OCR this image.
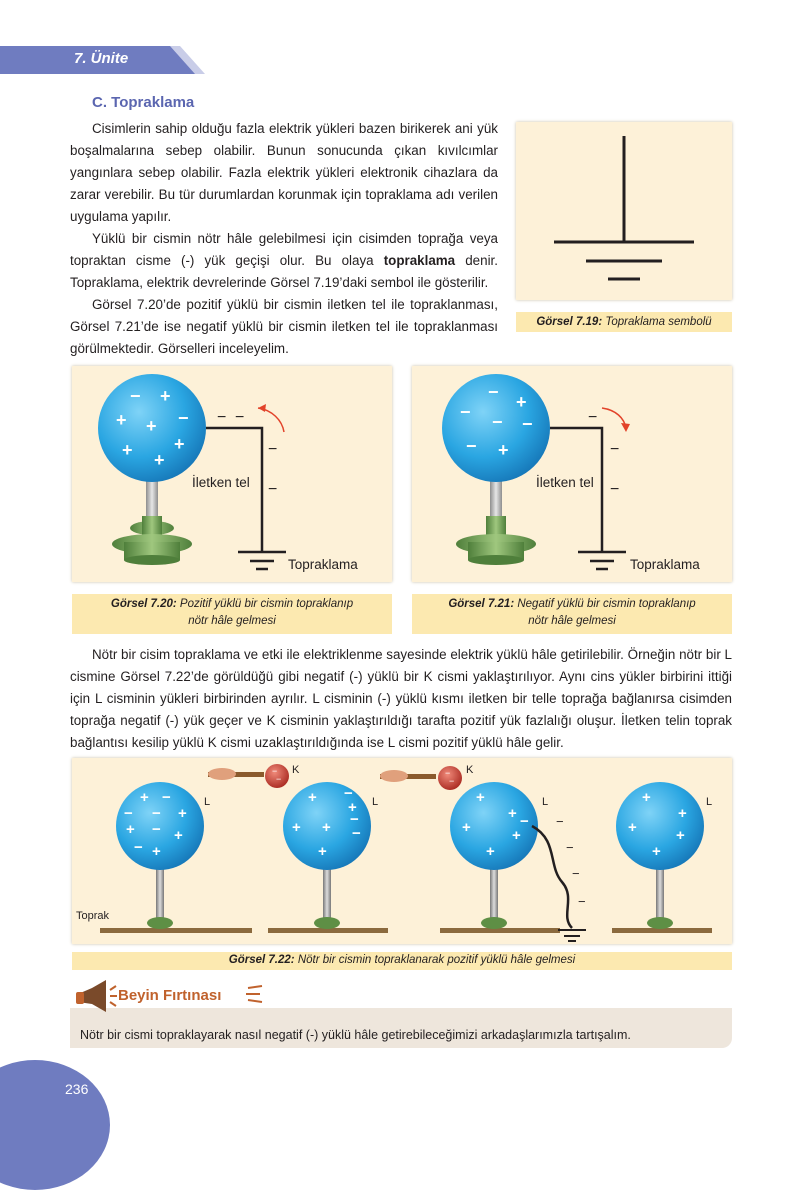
7. Ünite
C. Topraklama

Cisimlerin sahip olduğu fazla elektrik yükleri bazen birikerek ani yük boşalmalarına sebep olabilir. Bunun sonucunda çıkan kıvılcımlar yangınlara sebep olabilir. Fazla elektrik yükleri elektronik cihazlara da zarar verebilir. Bu tür durumlardan korunmak için topraklama adı verilen uygulama yapılır.

Yüklü bir cismin nötr hâle gelebilmesi için cisimden toprağa veya topraktan cisme (-) yük geçişi olur. Bu olaya topraklama denir. Topraklama, elektrik devrelerinde Görsel 7.19’daki sembol ile gösterilir.

Görsel 7.20’de pozitif yüklü bir cismin iletken tel ile topraklanması, Görsel 7.21’de ise negatif yüklü bir cismin iletken tel ile topraklanması görülmektedir. Görselleri inceleyelim.

Görsel 7.19: Topraklama sembolü
− +
+ + −
+
+ +
− −
−
−
İletken tel
Topraklama
Görsel 7.20: Pozitif yüklü bir cismin topraklanıp
nötr hâle gelmesi
− +
− − −
− +
−
−
−
İletken tel
Topraklama
Görsel 7.21: Negatif yüklü bir cismin topraklanıp
nötr hâle gelmesi

Nötr bir cisim topraklama ve etki ile elektriklenme sayesinde elektrik yüklü hâle getirilebilir. Örneğin nötr bir L cismine Görsel 7.22’de görüldüğü gibi negatif (-) yüklü bir K cismi yaklaştırılıyor. Aynı cins yükler birbirini ittiği için L cisminin yükleri birbirinden ayrılır. L cisminin (-) yüklü kısmı iletken bir telle toprağa bağlanırsa cisimden toprağa negatif (-) yük geçer ve K cisminin yaklaştırıldığı tarafta pozitif yük fazlalığı oluşur. İletken telin toprak bağlantısı kesilip yüklü K cismi uzaklaştırıldığında ise L cismi pozitif yüklü hâle gelir.

+ −
− − +
+ − +
− +
+ −
+
−
+ + −
+
+
+ −
+	+
+
+
+
+	+
+
−
−
−
−
−
−
−
−
Toprak
K	K
L	L	L	L
Görsel 7.22: Nötr bir cismin topraklanarak pozitif yüklü hâle gelmesi
Beyin Fırtınası
Nötr bir cismi topraklayarak nasıl negatif (-) yüklü hâle getirebileceğimizi arkadaşlarımızla tartışalım.
236
